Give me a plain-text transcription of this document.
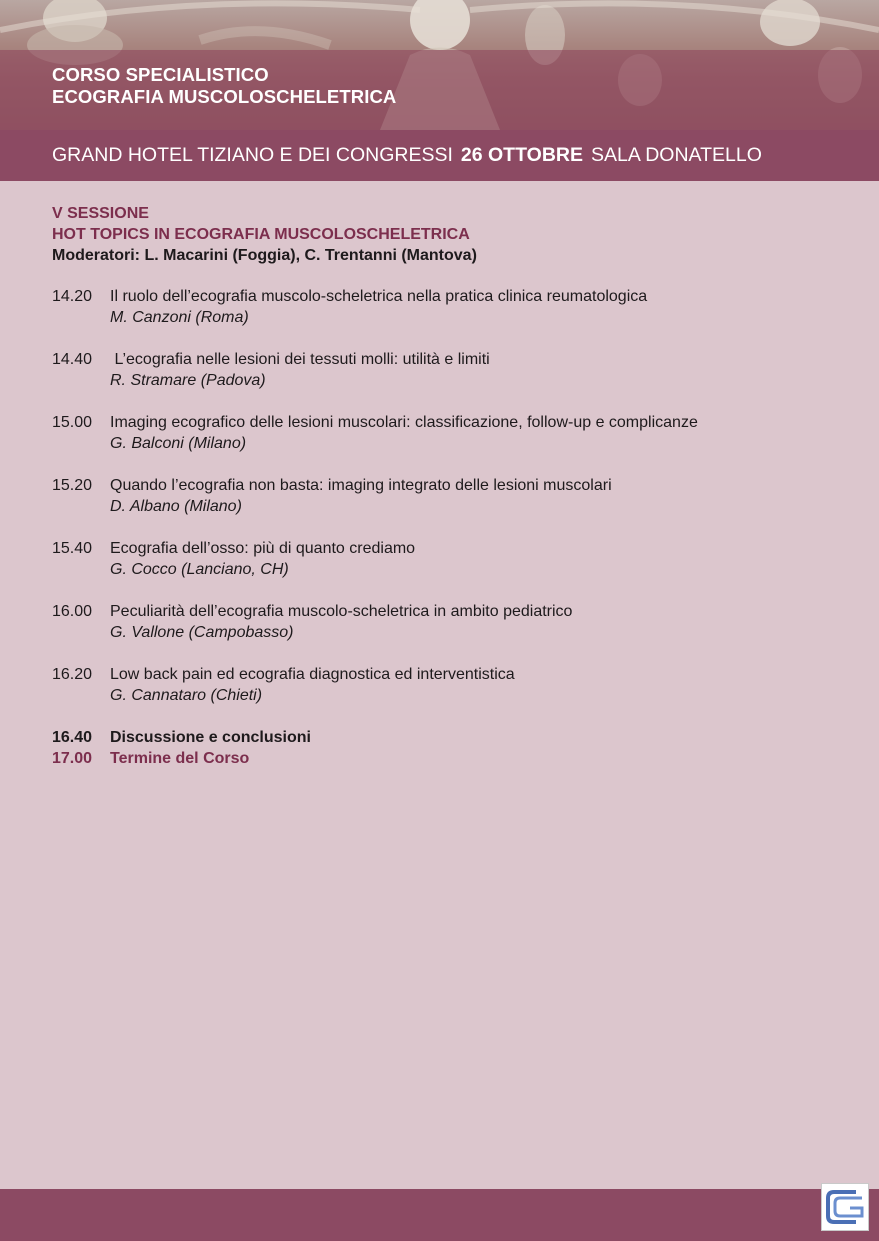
CORSO SPECIALISTICO
ECOGRAFIA MUSCOLOSCHELETRICA
GRAND HOTEL TIZIANO E DEI CONGRESSI 26 OTTOBRE SALA DONATELLO
V SESSIONE
HOT TOPICS IN ECOGRAFIA MUSCOLOSCHELETRICA
Moderatori: L. Macarini (Foggia), C. Trentanni (Mantova)
14.20	Il ruolo dell’ecografia muscolo-scheletrica nella pratica clinica reumatologica
M. Canzoni (Roma)
14.40	L’ecografia nelle lesioni dei tessuti molli: utilità e limiti
R. Stramare (Padova)
15.00	Imaging ecografico delle lesioni muscolari: classificazione, follow-up e complicanze
G. Balconi (Milano)
15.20	Quando l’ecografia non basta: imaging integrato delle lesioni muscolari
D. Albano (Milano)
15.40	Ecografia dell’osso: più di quanto crediamo
G. Cocco (Lanciano, CH)
16.00	Peculiarità dell’ecografia muscolo-scheletrica in ambito pediatrico
G. Vallone (Campobasso)
16.20	Low back pain ed ecografia diagnostica ed interventistica
G. Cannataro (Chieti)
16.40	Discussione e conclusioni
17.00	Termine del Corso
